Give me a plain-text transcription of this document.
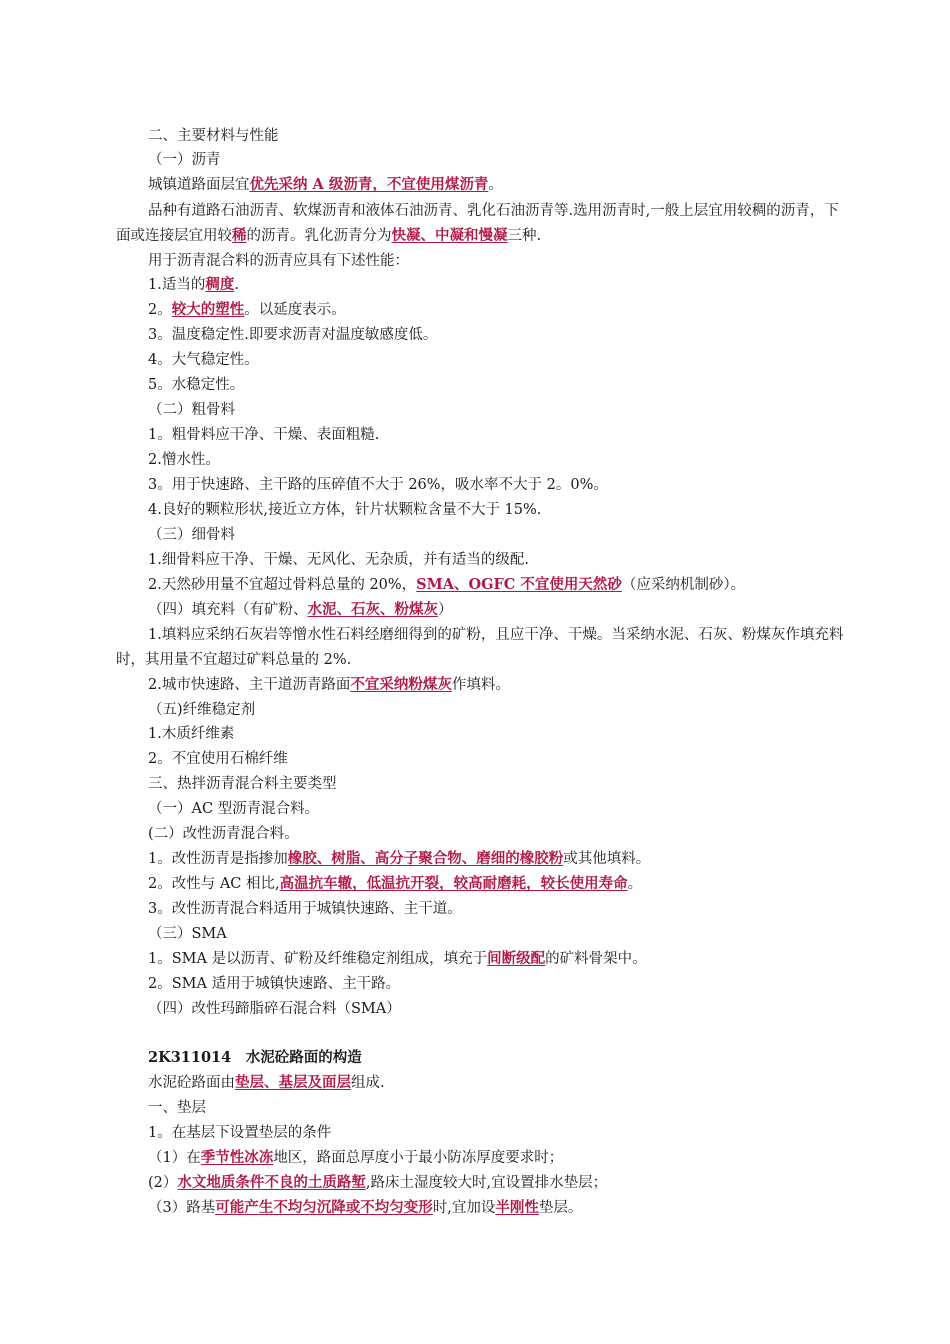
二、主要材料与性能
（一）沥青
城镇道路面层宜优先采纳 A 级沥青，不宜使用煤沥青。
品种有道路石油沥青、软煤沥青和液体石油沥青、乳化石油沥青等.选用沥青时,一般上层宜用较稠的沥青，下面或连接层宜用较稀的沥青。乳化沥青分为快凝、中凝和慢凝三种.
用于沥青混合料的沥青应具有下述性能：
1.适当的稠度.
2。较大的塑性。以延度表示。
3。温度稳定性.即要求沥青对温度敏感度低。
4。大气稳定性。
5。水稳定性。
（二）粗骨料
1。粗骨料应干净、干燥、表面粗糙.
2.憎水性。
3。用于快速路、主干路的压碎值不大于 26%，吸水率不大于 2。0%。
4.良好的颗粒形状,接近立方体，针片状颗粒含量不大于 15%.
（三）细骨料
1.细骨料应干净、干燥、无风化、无杂质，并有适当的级配.
2.天然砂用量不宜超过骨料总量的 20%，SMA、OGFC 不宜使用天然砂（应采纳机制砂）。
（四）填充料（有矿粉、水泥、石灰、粉煤灰）
1.填料应采纳石灰岩等憎水性石料经磨细得到的矿粉，且应干净、干燥。当采纳水泥、石灰、粉煤灰作填充料时，其用量不宜超过矿料总量的 2%.
2.城市快速路、主干道沥青路面不宜采纳粉煤灰作填料。
（五)纤维稳定剂
1.木质纤维素
2。不宜使用石棉纤维
三、热拌沥青混合料主要类型
（一）AC 型沥青混合料。
(二）改性沥青混合料。
1。改性沥青是指掺加橡胶、树脂、高分子聚合物、磨细的橡胶粉或其他填料。
2。改性与 AC 相比,高温抗车辙，低温抗开裂，较高耐磨耗，较长使用寿命。
3。改性沥青混合料适用于城镇快速路、主干道。
（三）SMA
1。SMA 是以沥青、矿粉及纤维稳定剂组成，填充于间断级配的矿料骨架中。
2。SMA 适用于城镇快速路、主干路。
（四）改性玛蹄脂碎石混合料（SMA）
2K311014　水泥砼路面的构造
水泥砼路面由垫层、基层及面层组成.
一、垫层
1。在基层下设置垫层的条件
（1）在季节性冰冻地区，路面总厚度小于最小防冻厚度要求时；
(2）水文地质条件不良的土质路堑,路床土湿度较大时,宜设置排水垫层；
（3）路基可能产生不均匀沉降或不均匀变形时,宜加设半刚性垫层。
